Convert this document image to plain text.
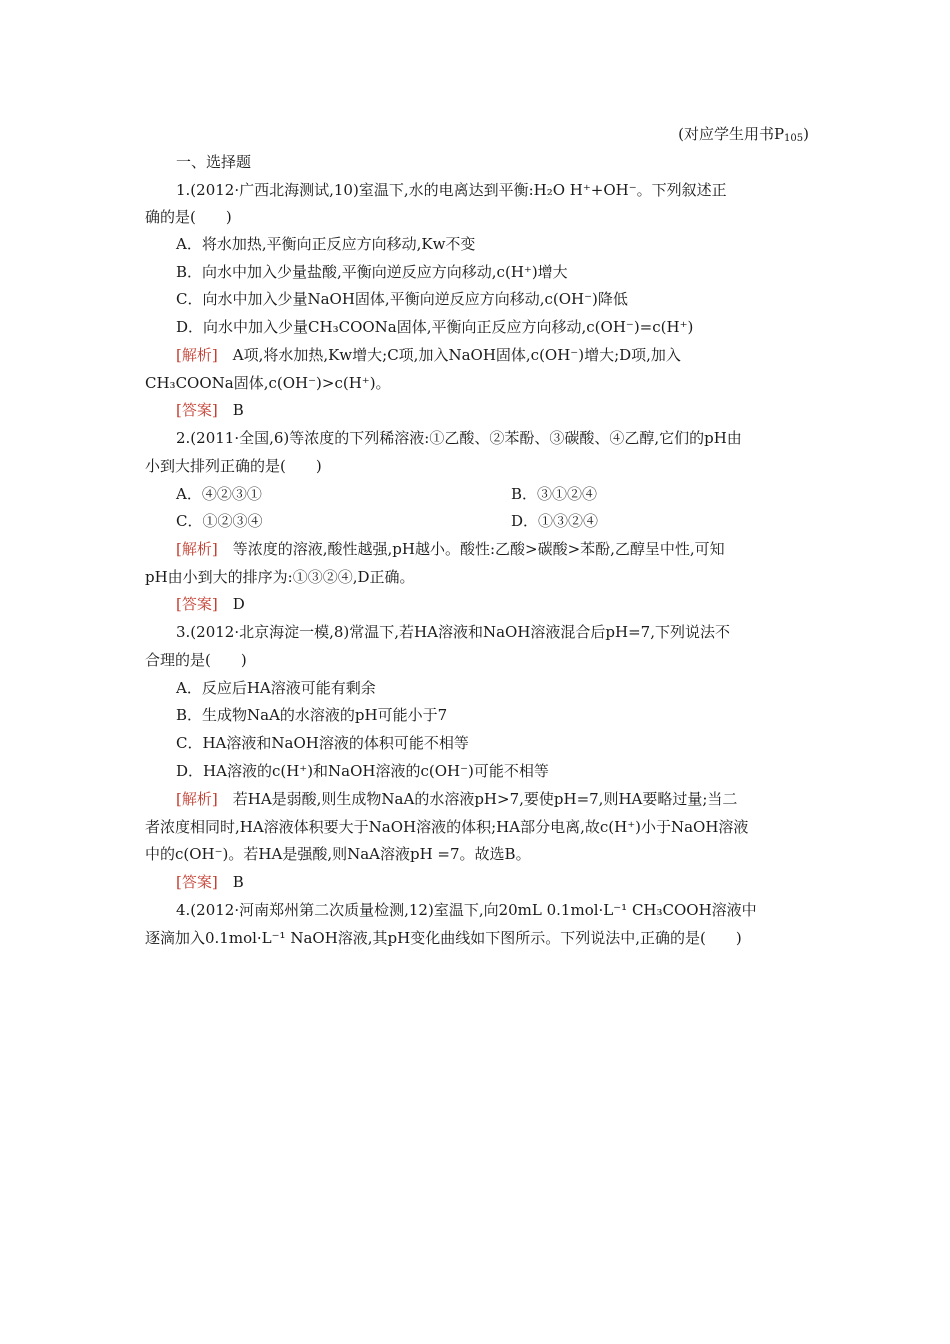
(对应学生用书$P_{105}$)
一、选择题
1.(2012·广西北海测试,10)室温下,水的电离达到平衡:H₂O H⁺+OH⁻。下列叙述正
确的是(　　)
A．将水加热,平衡向正反应方向移动,Kw不变
B．向水中加入少量盐酸,平衡向逆反应方向移动,c(H⁺)增大
C．向水中加入少量NaOH固体,平衡向逆反应方向移动,c(OH⁻)降低
D．向水中加入少量CH₃COONa固体,平衡向正反应方向移动,c(OH⁻)=c(H⁺)
[解析]　 A项,将水加热,Kw增大;C项,加入NaOH固体,c(OH⁻)增大;D项,加入
CH₃COONa固体,c(OH⁻)>c(H⁺)。
[答案]　 B
2.(2011·全国,6)等浓度的下列稀溶液:①乙酸、②苯酚、③碳酸、④乙醇,它们的pH由
小到大排列正确的是(　　)
A．④②③①	B．③①②④
C．①②③④	D．①③②④
[解析]　 等浓度的溶液,酸性越强,pH越小。酸性:乙酸>碳酸>苯酚,乙醇呈中性,可知
pH由小到大的排序为:①③②④,D正确。
[答案]　 D
3.(2012·北京海淀一模,8)常温下,若HA溶液和NaOH溶液混合后pH=7,下列说法不
合理的是(　　)
A．反应后HA溶液可能有剩余
B．生成物NaA的水溶液的pH可能小于7
C．HA溶液和NaOH溶液的体积可能不相等
D．HA溶液的c(H⁺)和NaOH溶液的c(OH⁻)可能不相等
[解析]　 若HA是弱酸,则生成物NaA的水溶液pH>7,要使pH=7,则HA要略过量;当二
者浓度相同时,HA溶液体积要大于NaOH溶液的体积;HA部分电离,故c(H⁺)小于NaOH溶液
中的c(OH⁻)。若HA是强酸,则NaA溶液pH =7。故选B。
[答案]　 B
4.(2012·河南郑州第二次质量检测,12)室温下,向20mL 0.1mol·L⁻¹ CH₃COOH溶液中
逐滴加入0.1mol·L⁻¹ NaOH溶液,其pH变化曲线如下图所示。下列说法中,正确的是(　　)
